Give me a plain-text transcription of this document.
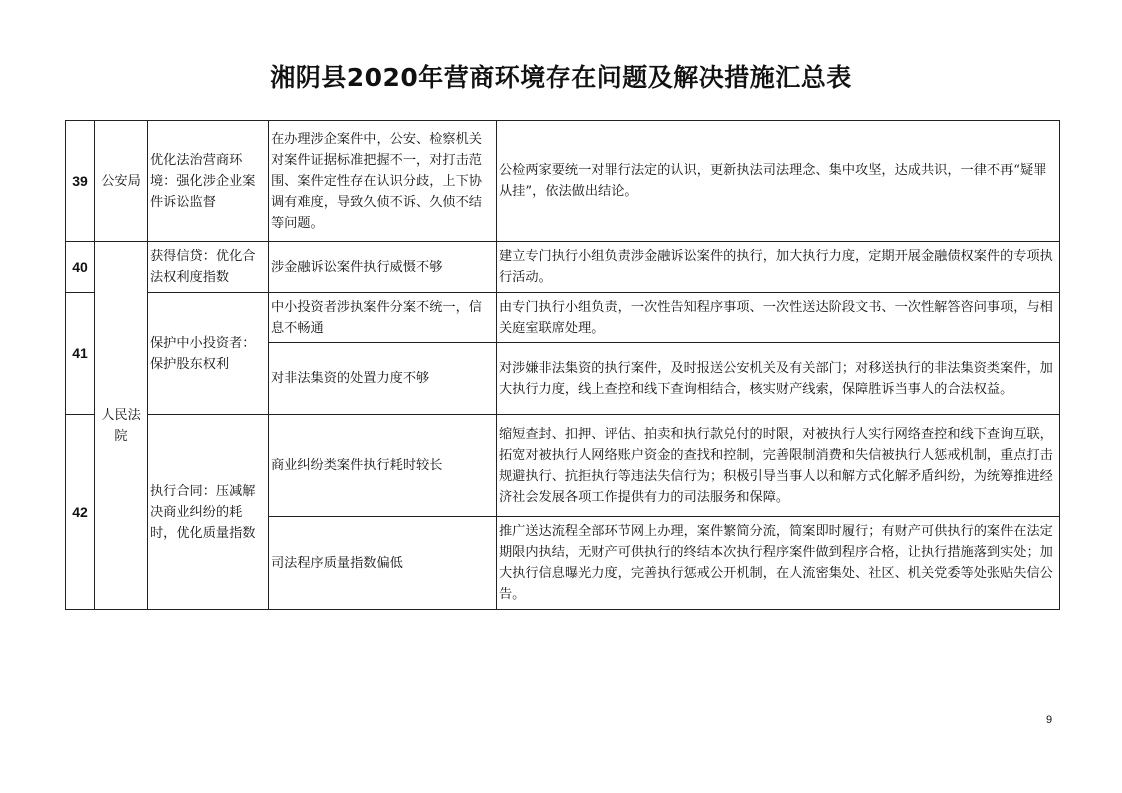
湘阴县2020年营商环境存在问题及解决措施汇总表
39	公安局	优化法治营商环境：强化涉企业案件诉讼监督	在办理涉企案件中，公安、检察机关对案件证据标准把握不一，对打击范围、案件定性存在认识分歧，上下协调有难度，导致久侦不诉、久侦不结等问题。	公检两家要统一对罪行法定的认识，更新执法司法理念、集中攻坚，达成共识，一律不再“疑罪从挂”，依法做出结论。
40	人民法院	获得信贷：优化合法权利度指数	涉金融诉讼案件执行威慑不够	建立专门执行小组负责涉金融诉讼案件的执行，加大执行力度，定期开展金融债权案件的专项执行活动。
41		保护中小投资者：保护股东权利	中小投资者涉执案件分案不统一，信息不畅通	由专门执行小组负责，一次性告知程序事项、一次性送达阶段文书、一次性解答咨问事项，与相关庭室联席处理。
			对非法集资的处置力度不够	对涉嫌非法集资的执行案件，及时报送公安机关及有关部门；对移送执行的非法集资类案件，加大执行力度，线上查控和线下查询相结合，核实财产线索，保障胜诉当事人的合法权益。
42		执行合同：压减解决商业纠纷的耗时，优化质量指数	商业纠纷类案件执行耗时较长	缩短查封、扣押、评估、拍卖和执行款兑付的时限，对被执行人实行网络查控和线下查询互联，拓宽对被执行人网络账户资金的查找和控制，完善限制消费和失信被执行人惩戒机制，重点打击规避执行、抗拒执行等违法失信行为；积极引导当事人以和解方式化解矛盾纠纷，为统筹推进经济社会发展各项工作提供有力的司法服务和保障。
			司法程序质量指数偏低	推广送达流程全部环节网上办理，案件繁简分流，简案即时履行；有财产可供执行的案件在法定期限内执结，无财产可供执行的终结本次执行程序案件做到程序合格，让执行措施落到实处；加大执行信息曝光力度，完善执行惩戒公开机制，在人流密集处、社区、机关党委等处张贴失信公告。
9
